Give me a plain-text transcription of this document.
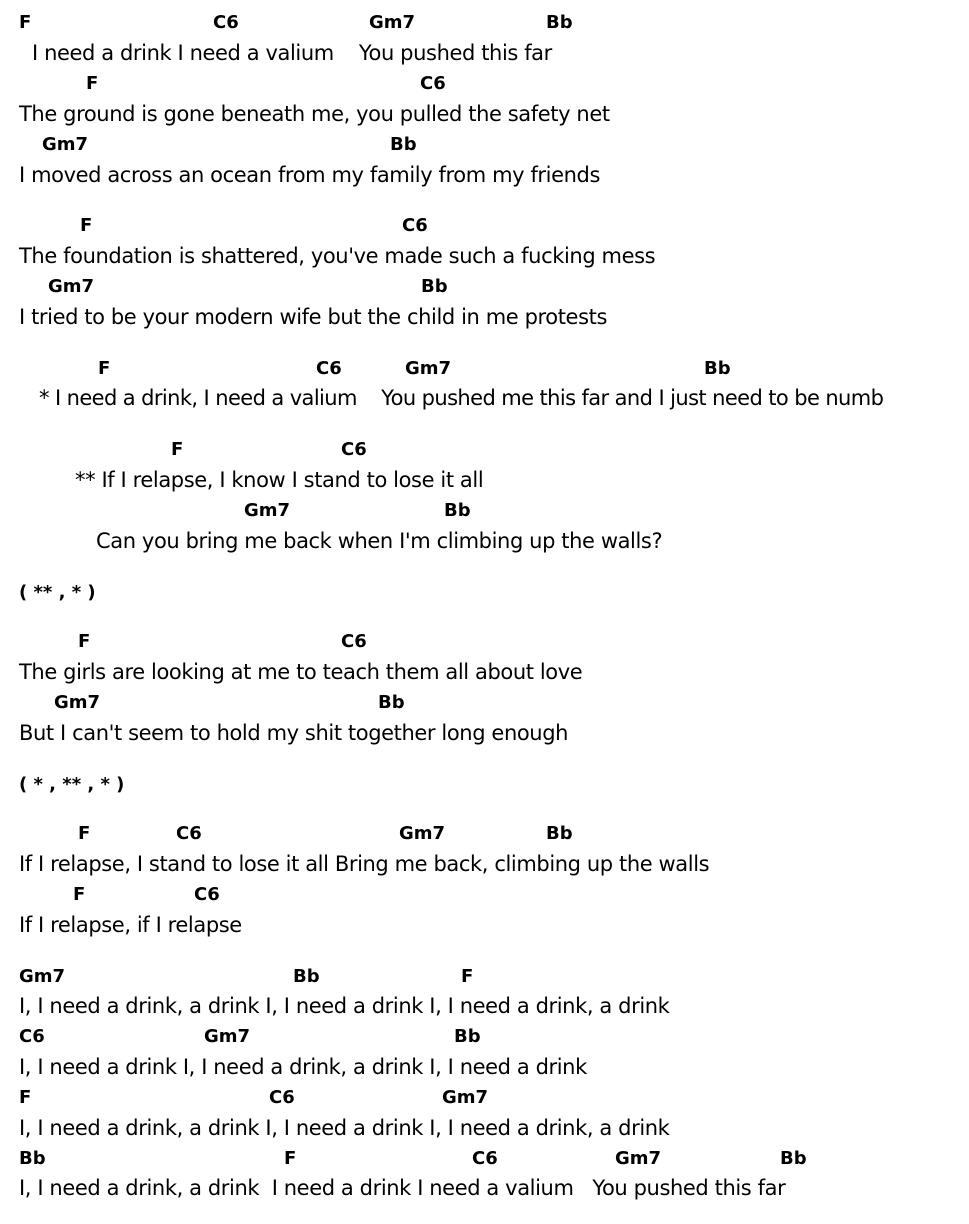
F	C6	Gm7	Bb
I need a drink I need a valium    You pushed this far
F	C6
The ground is gone beneath me, you pulled the safety net
Gm7	Bb
I moved across an ocean from my family from my friends
F	C6
The foundation is shattered, you've made such a fucking mess
Gm7	Bb
I tried to be your modern wife but the child in me protests
F	C6	Gm7	Bb
* I need a drink, I need a valium    You pushed me this far and I just need to be numb
F	C6
** If I relapse, I know I stand to lose it all
Gm7	Bb
Can you bring me back when I'm climbing up the walls?
( ** , * )
F	C6
The girls are looking at me to teach them all about love
Gm7	Bb
But I can't seem to hold my shit together long enough
( * , ** , * )
F	C6	Gm7	Bb
If I relapse, I stand to lose it all Bring me back, climbing up the walls
F	C6
If I relapse, if I relapse
Gm7	Bb	F
I, I need a drink, a drink I, I need a drink I, I need a drink, a drink
C6	Gm7	Bb
I, I need a drink I, I need a drink, a drink I, I need a drink
F	C6	Gm7
I, I need a drink, a drink I, I need a drink I, I need a drink, a drink
Bb	F	C6	Gm7	Bb
I, I need a drink, a drink  I need a drink I need a valium   You pushed this far
